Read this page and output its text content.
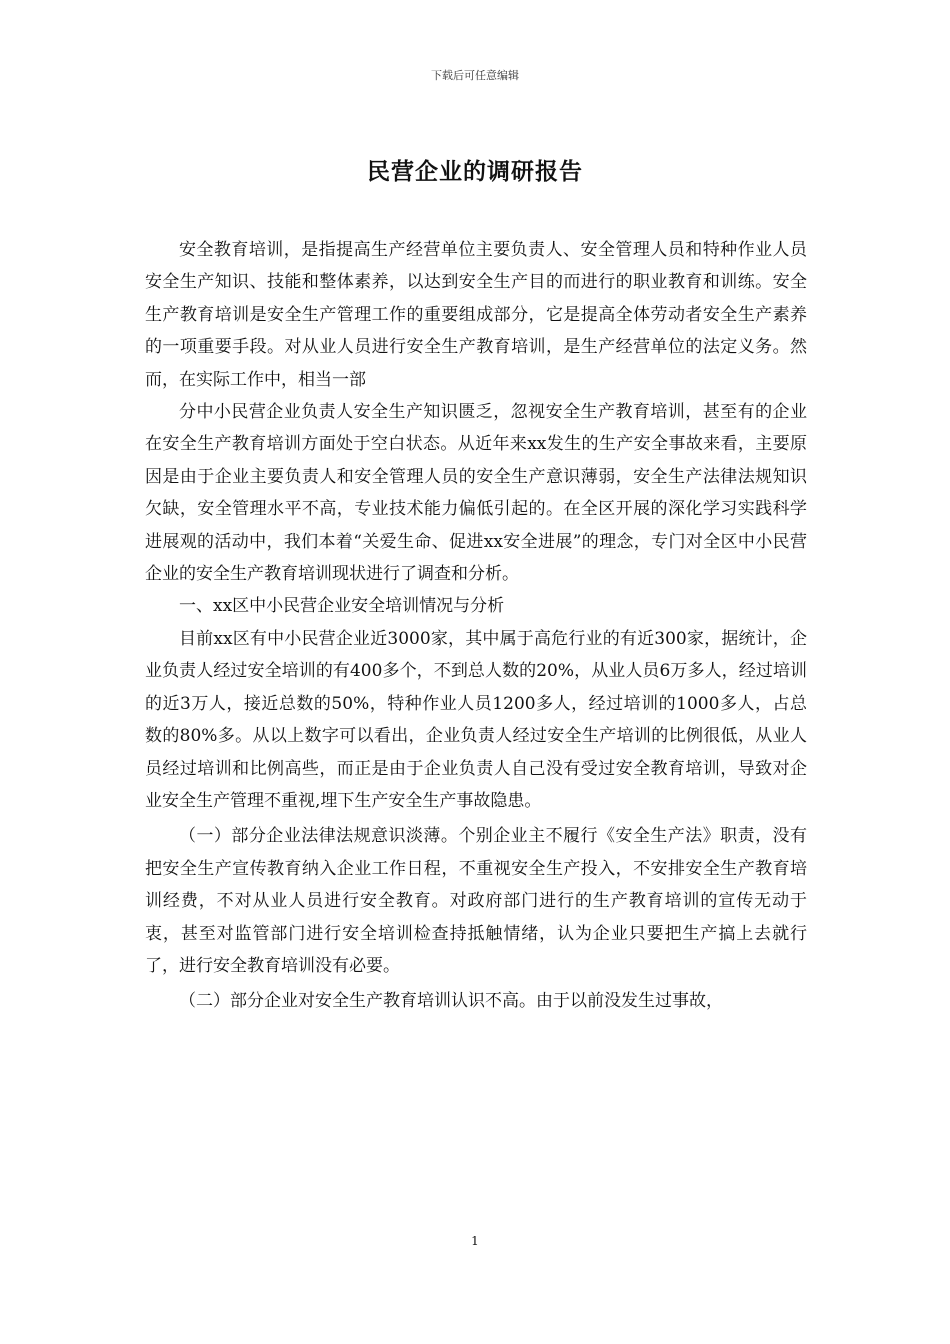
下载后可任意编辑
民营企业的调研报告

安全教育培训，是指提高生产经营单位主要负责人、安全管理人员和特种作业人员安全生产知识、技能和整体素养，以达到安全生产目的而进行的职业教育和训练。安全生产教育培训是安全生产管理工作的重要组成部分，它是提高全体劳动者安全生产素养的一项重要手段。对从业人员进行安全生产教育培训，是生产经营单位的法定义务。然而，在实际工作中，相当一部

分中小民营企业负责人安全生产知识匮乏，忽视安全生产教育培训，甚至有的企业在安全生产教育培训方面处于空白状态。从近年来xx发生的生产安全事故来看，主要原因是由于企业主要负责人和安全管理人员的安全生产意识薄弱，安全生产法律法规知识欠缺，安全管理水平不高，专业技术能力偏低引起的。在全区开展的深化学习实践科学进展观的活动中，我们本着“关爱生命、促进xx安全进展”的理念，专门对全区中小民营企业的安全生产教育培训现状进行了调查和分析。

一、xx区中小民营企业安全培训情况与分析

目前xx区有中小民营企业近3000家，其中属于高危行业的有近300家，据统计，企业负责人经过安全培训的有400多个，不到总人数的20%，从业人员6万多人，经过培训的近3万人，接近总数的50%，特种作业人员1200多人，经过培训的1000多人，占总数的80%多。从以上数字可以看出，企业负责人经过安全生产培训的比例很低，从业人员经过培训和比例高些，而正是由于企业负责人自己没有受过安全教育培训，导致对企业安全生产管理不重视,埋下生产安全生产事故隐患。

（一）部分企业法律法规意识淡薄。个别企业主不履行《安全生产法》职责，没有把安全生产宣传教育纳入企业工作日程，不重视安全生产投入，不安排安全生产教育培训经费，不对从业人员进行安全教育。对政府部门进行的生产教育培训的宣传无动于衷，甚至对监管部门进行安全培训检查持抵触情绪，认为企业只要把生产搞上去就行了，进行安全教育培训没有必要。

（二）部分企业对安全生产教育培训认识不高。由于以前没发生过事故，

1
